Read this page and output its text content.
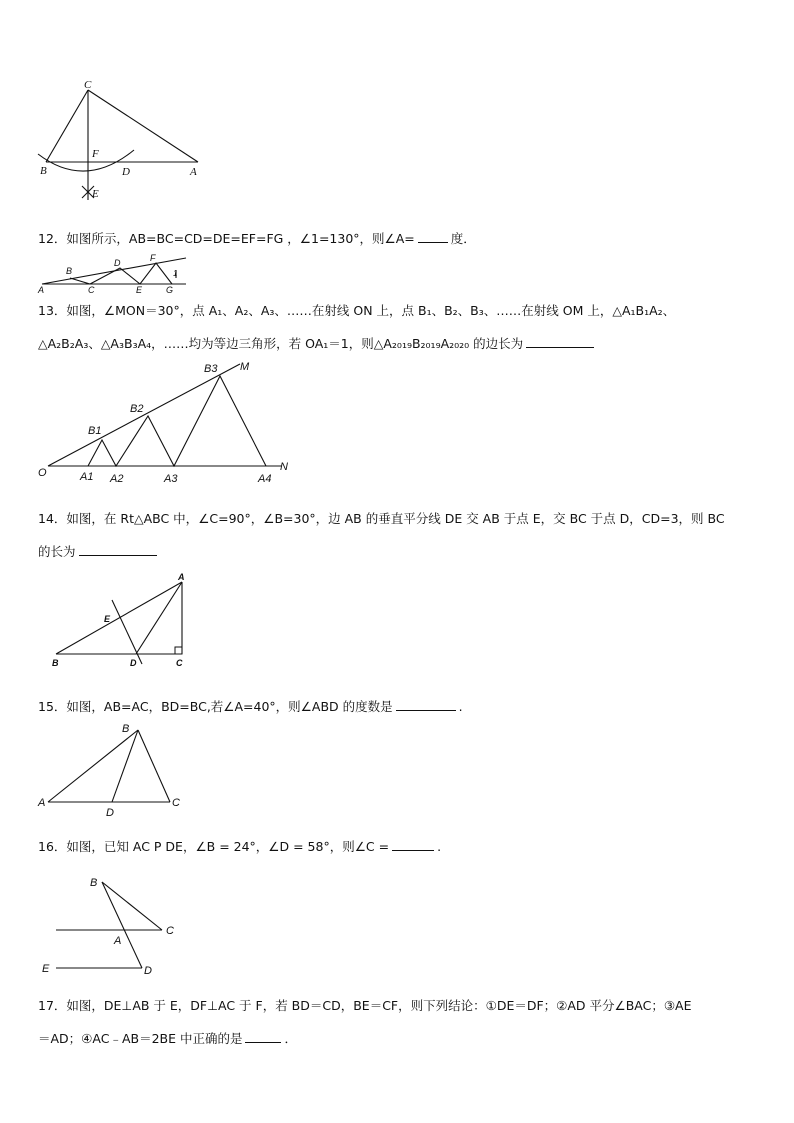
C
F
B	D	A
E
12．如图所示，AB=BC=CD=DE=EF=FG ，∠1=130°，则∠A=	度．
A
B
C
D
E
F
G
1
13．如图，∠MON＝30°，点 A₁、A₂、A₃、……在射线 ON 上，点 B₁、B₂、B₃、……在射线 OM 上，△A₁B₁A₂、
△A₂B₂A₃、△A₃B₃A₄，……均为等边三角形，若 OA₁＝1，则△A₂₀₁₉B₂₀₁₉A₂₀₂₀ 的边长为
O	A1 A2	A3	A4
N
B1
B2
B3 M
14．如图，在 Rt△ABC 中，∠C=90°，∠B=30°，边 AB 的垂直平分线 DE 交 AB 于点 E，交 BC 于点 D，CD=3，则 BC
的长为
A
E
B	D	C
15．如图，AB=AC，BD=BC,若∠A=40°，则∠ABD 的度数是	.
B
A
D
C
16．如图，已知 AC P DE，∠B = 24°，∠D = 58°，则∠C =	.
B
C
A
E	D
17．如图，DE⊥AB 于 E，DF⊥AC 于 F，若 BD＝CD，BE＝CF，则下列结论：①DE＝DF；②AD 平分∠BAC；③AE
＝AD；④AC﹣AB＝2BE 中正确的是	．
